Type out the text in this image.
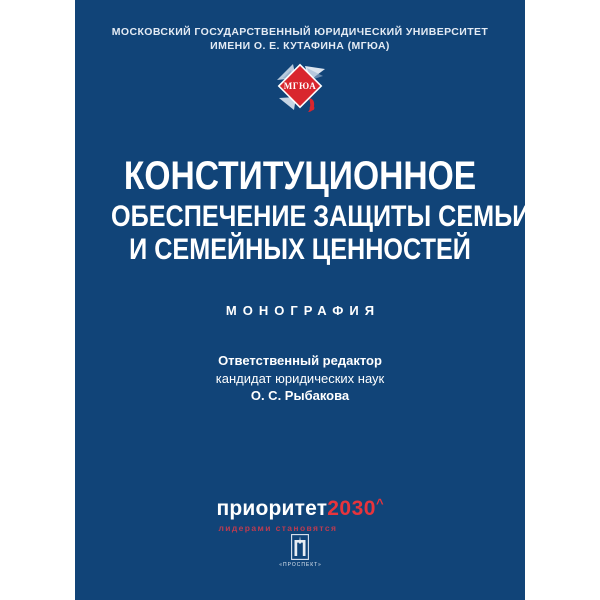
МОСКОВСКИЙ ГОСУДАРСТВЕННЫЙ ЮРИДИЧЕСКИЙ УНИВЕРСИТЕТ
ИМЕНИ О. Е. КУТАФИНА (МГЮА)
МГЮА
КОНСТИТУЦИОННОЕ
ОБЕСПЕЧЕНИЕ ЗАЩИТЫ СЕМЬИ
И СЕМЕЙНЫХ ЦЕННОСТЕЙ
МОНОГРАФИЯ
Ответственный редактор
кандидат юридических наук
О. С. Рыбакова
приоритет2030^
лидерами становятся
«ПРОСПЕКТ»
